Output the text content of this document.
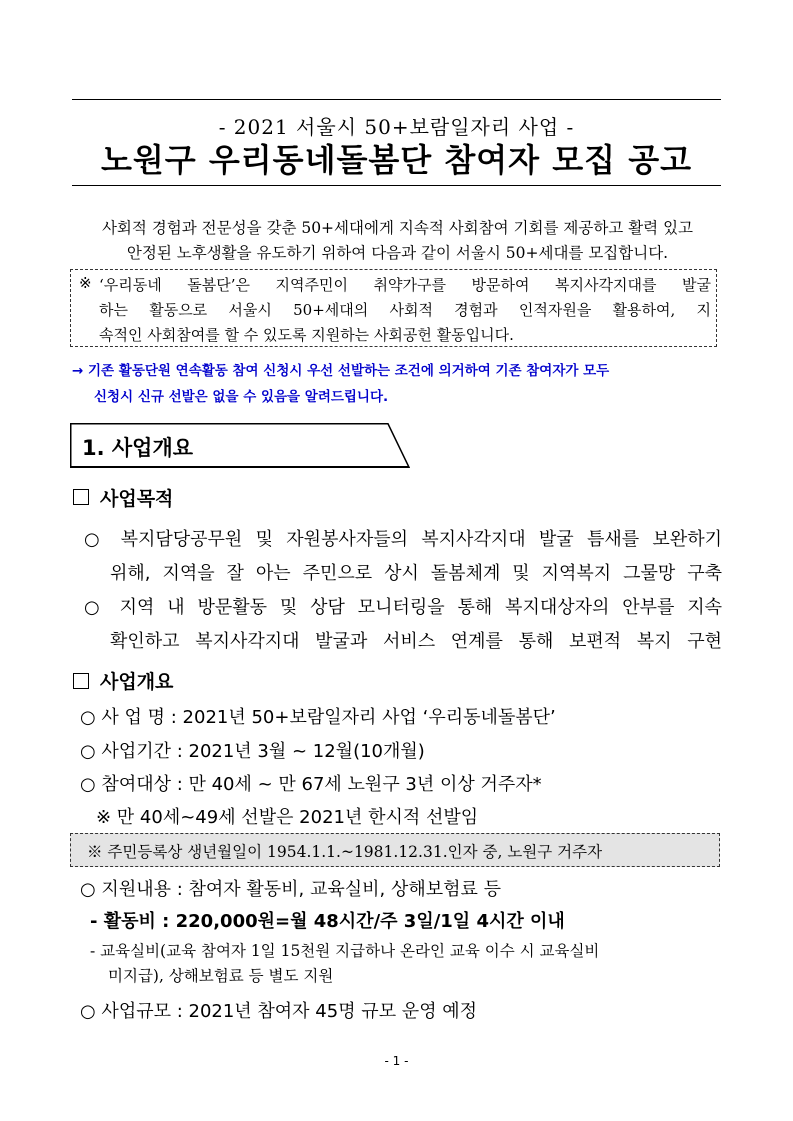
- 2021 서울시 50+보람일자리 사업 -
노원구 우리동네돌봄단 참여자 모집 공고
사회적 경험과 전문성을 갖춘 50+세대에게 지속적 사회참여 기회를 제공하고 활력 있고
안정된 노후생활을 유도하기 위하여 다음과 같이 서울시 50+세대를 모집합니다.
※ ‘우리동네 돌봄단’은 지역주민이 취약가구를 방문하여 복지사각지대를 발굴
하는 활동으로 서울시 50+세대의 사회적 경험과 인적자원을 활용하여, 지
속적인 사회참여를 할 수 있도록 지원하는 사회공헌 활동입니다.
→ 기존 활동단원 연속활동 참여 신청시 우선 선발하는 조건에 의거하여 기존 참여자가 모두
신청시 신규 선발은 없을 수 있음을 알려드립니다.
1. 사업개요
사업목적
○ 복지담당공무원 및 자원봉사자들의 복지사각지대 발굴 틈새를 보완하기
위해, 지역을 잘 아는 주민으로 상시 돌봄체계 및 지역복지 그물망 구축
○ 지역 내 방문활동 및 상담 모니터링을 통해 복지대상자의 안부를 지속
확인하고 복지사각지대 발굴과 서비스 연계를 통해 보편적 복지 구현
사업개요
○ 사 업 명 : 2021년 50+보람일자리 사업 ‘우리동네돌봄단’
○ 사업기간 : 2021년 3월 ~ 12월(10개월)
○ 참여대상 : 만 40세 ~ 만 67세 노원구 3년 이상 거주자*
※ 만 40세~49세 선발은 2021년 한시적 선발임
※ 주민등록상 생년월일이 1954.1.1.~1981.12.31.인자 중, 노원구 거주자
○ 지원내용 : 참여자 활동비, 교육실비, 상해보험료 등
- 활동비 : 220,000원=월 48시간/주 3일/1일 4시간 이내
- 교육실비(교육 참여자 1일 15천원 지급하나 온라인 교육 이수 시 교육실비
미지급), 상해보험료 등 별도 지원
○ 사업규모 : 2021년 참여자 45명 규모 운영 예정
- 1 -
